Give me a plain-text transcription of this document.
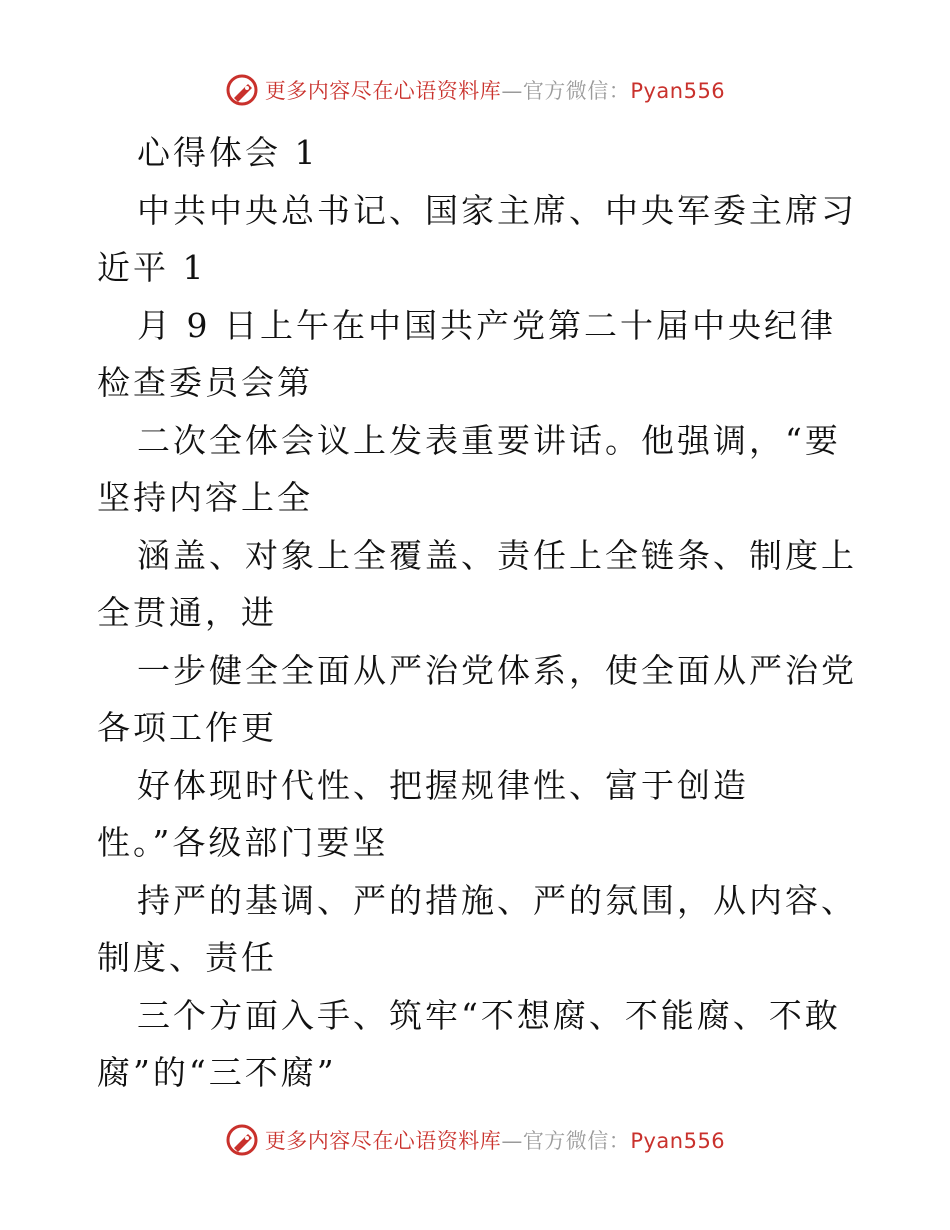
更多内容尽在心语资料库—官方微信：Pyan556

心得体会 1

中共中央总书记、国家主席、中央军委主席习近平 1

月 9 日上午在中国共产党第二十届中央纪律检查委员会第

二次全体会议上发表重要讲话。他强调，“要坚持内容上全

涵盖、对象上全覆盖、责任上全链条、制度上全贯通，进

一步健全全面从严治党体系，使全面从严治党各项工作更

好体现时代性、把握规律性、富于创造性。”各级部门要坚

持严的基调、严的措施、严的氛围，从内容、制度、责任

三个方面入手、筑牢“不想腐、不能腐、不敢腐”的“三不腐”

更多内容尽在心语资料库—官方微信：Pyan556
